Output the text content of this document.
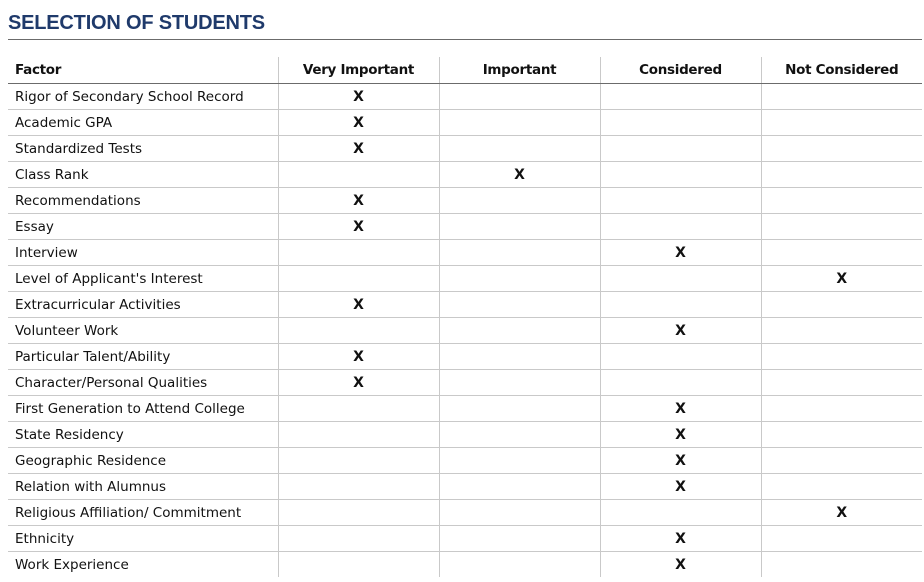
SELECTION OF STUDENTS
Factor	Very Important	Important	Considered	Not Considered
Rigor of Secondary School Record	X			
Academic GPA	X			
Standardized Tests	X			
Class Rank		X		
Recommendations	X			
Essay	X			
Interview			X	
Level of Applicant's Interest				X
Extracurricular Activities	X			
Volunteer Work			X	
Particular Talent/Ability	X			
Character/Personal Qualities	X			
First Generation to Attend College			X	
State Residency			X	
Geographic Residence			X	
Relation with Alumnus			X	
Religious Affiliation/ Commitment				X
Ethnicity			X	
Work Experience			X	
